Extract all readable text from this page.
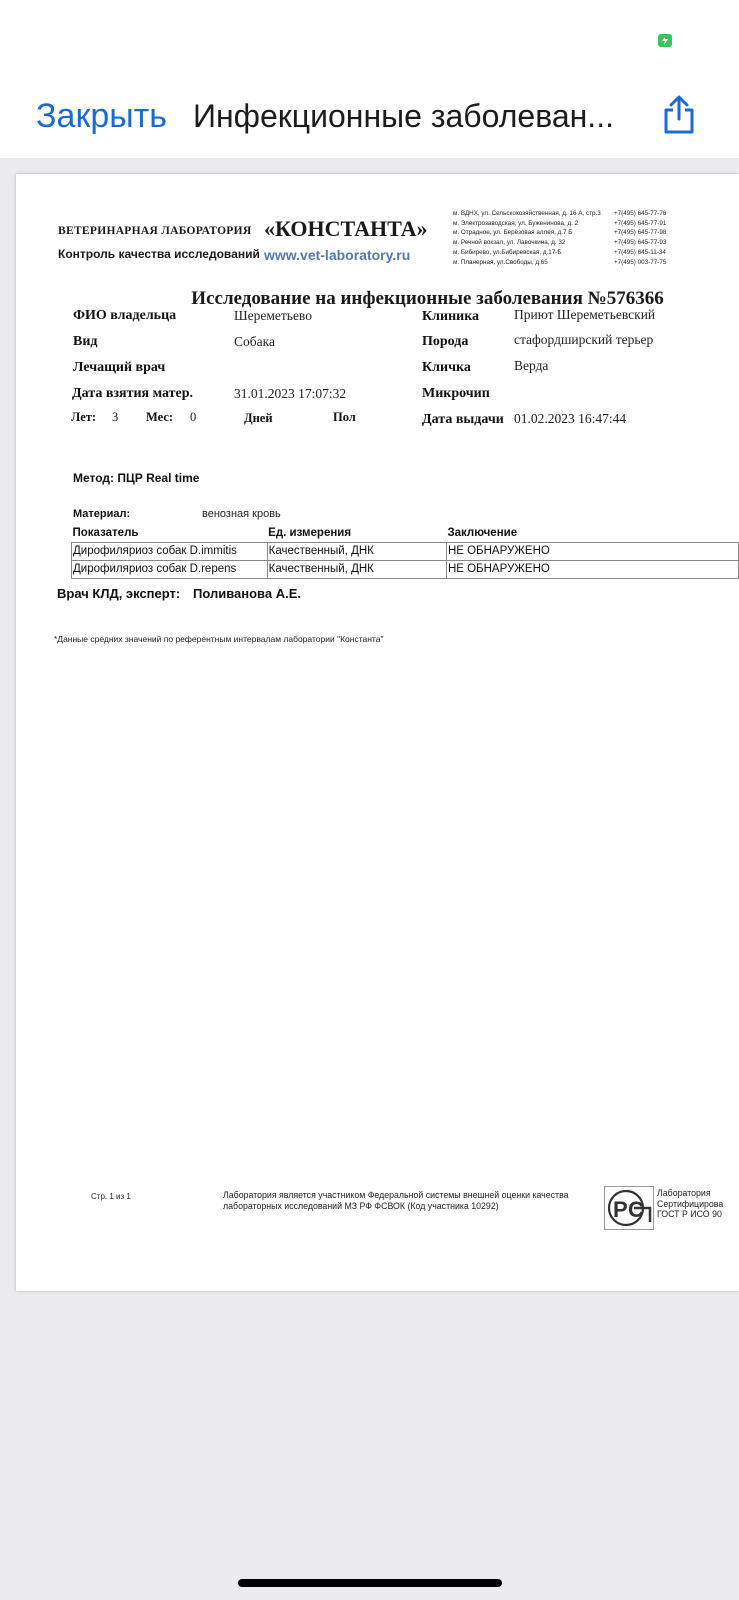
Закрыть Инфекционные заболеван...
ВЕТЕРИНАРНАЯ ЛАБОРАТОРИЯ «КОНСТАНТА»
Контроль качества исследований www.vet-laboratory.ru
м. ВДНХ, ул. Сельскохозяйственная, д. 16 А, стр.3 +7(495) 645-77-76
м. Электрозаводская, ул. Буженинова, д. 2	+7(495) 645-77-91
м. Отрадное, ул. Берёзовая аллея, д.7 Б	+7(495) 645-77-98
м. Речной вокзал, ул. Лавочкина, д. 32	+7(495) 645-77-93
м. Бибирево, ул.Бибиревская, д.17-Б	+7(495) 645-11-34
м. Планерная, ул.Свободы, д.65	+7(495) 003-77-75
Исследование на инфекционные заболевания №576366
ФИО владельца	Шереметьево
Вид	Собака
Лечащий врач
Дата взятия матер.	31.01.2023 17:07:32
Лет: 3 Мес: 0	Дней	Пол
Клиника	Приют Шереметьевский
Порода	стафордширский терьер
Кличка	Верда
Микрочип
Дата выдачи 01.02.2023 16:47:44
Метод: ПЦР Real time
Материал:	венозная кровь
Показатель	Ед. измерения	Заключение
Дирофиляриоз собак D.immitis	Качественный, ДНК	НЕ ОБНАРУЖЕНО
Дирофиляриоз собак D.repens	Качественный, ДНК	НЕ ОБНАРУЖЕНО
Врач КЛД, эксперт: Поливанова А.Е.
*Данные средних значений по референтным интервалам лаборатории "Константа"
Стр. 1 из 1	Лаборатория является участником Федеральной системы внешней оценки качества лабораторных исследований МЗ РФ ФСВОК (Код участника 10292)	P C
Лаборатория
Сертифицирова
ГОСТ Р ИСО 90
